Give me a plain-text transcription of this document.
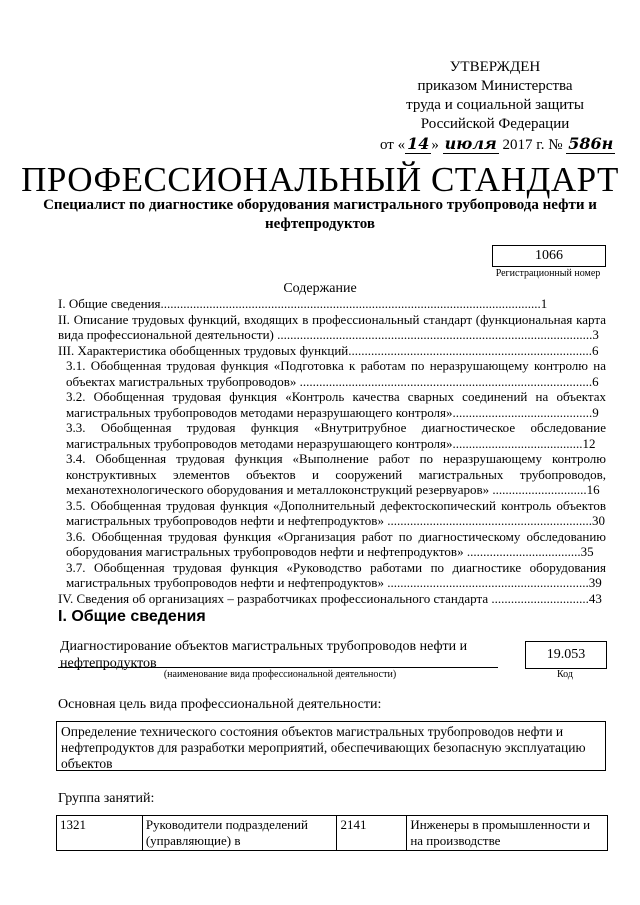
УТВЕРЖДЕН
приказом Министерства
труда и социальной защиты
Российской Федерации
от « 14 » июля 2017 г. № 586н
ПРОФЕССИОНАЛЬНЫЙ СТАНДАРТ
Специалист по диагностике оборудования магистрального трубопровода нефти и нефтепродуктов
1066
Регистрационный номер
Содержание
I. Общие сведения.....................................................................................................................1
II. Описание трудовых функций, входящих в профессиональный стандарт (функциональная карта вида профессиональной деятельности) .................................................................................................3
III. Характеристика обобщенных трудовых функций...........................................................................6
3.1. Обобщенная трудовая функция «Подготовка к работам по неразрушающему контролю на объектах магистральных трубопроводов» ..........................................................................................6
3.2. Обобщенная трудовая функция «Контроль качества сварных соединений на объектах магистральных трубопроводов методами неразрушающего контроля»...........................................9
3.3. Обобщенная трудовая функция «Внутритрубное диагностическое обследование магистральных трубопроводов методами неразрушающего контроля»........................................12
3.4. Обобщенная трудовая функция «Выполнение работ по неразрушающему контролю конструктивных элементов объектов и сооружений магистральных трубопроводов, механотехнологического оборудования и металлоконструкций резервуаров» .............................16
3.5. Обобщенная трудовая функция «Дополнительный дефектоскопический контроль объектов магистральных трубопроводов нефти и нефтепродуктов» ...............................................................30
3.6. Обобщенная трудовая функция «Организация работ по диагностическому обследованию оборудования магистральных трубопроводов нефти и нефтепродуктов» ...................................35
3.7. Обобщенная трудовая функция «Руководство работами по диагностике оборудования магистральных трубопроводов нефти и нефтепродуктов» ..............................................................39
IV. Сведения об организациях – разработчиках профессионального стандарта ..............................43
I. Общие сведения
Диагностирование объектов магистральных трубопроводов нефти и нефтепродуктов
(наименование вида профессиональной деятельности)
19.053
Код
Основная цель вида профессиональной деятельности:
Определение технического состояния объектов магистральных трубопроводов нефти и нефтепродуктов для разработки мероприятий, обеспечивающих безопасную эксплуатацию объектов
Группа занятий:
1321	Руководители подразделений (управляющие) в	2141	Инженеры в промышленности и на производстве
